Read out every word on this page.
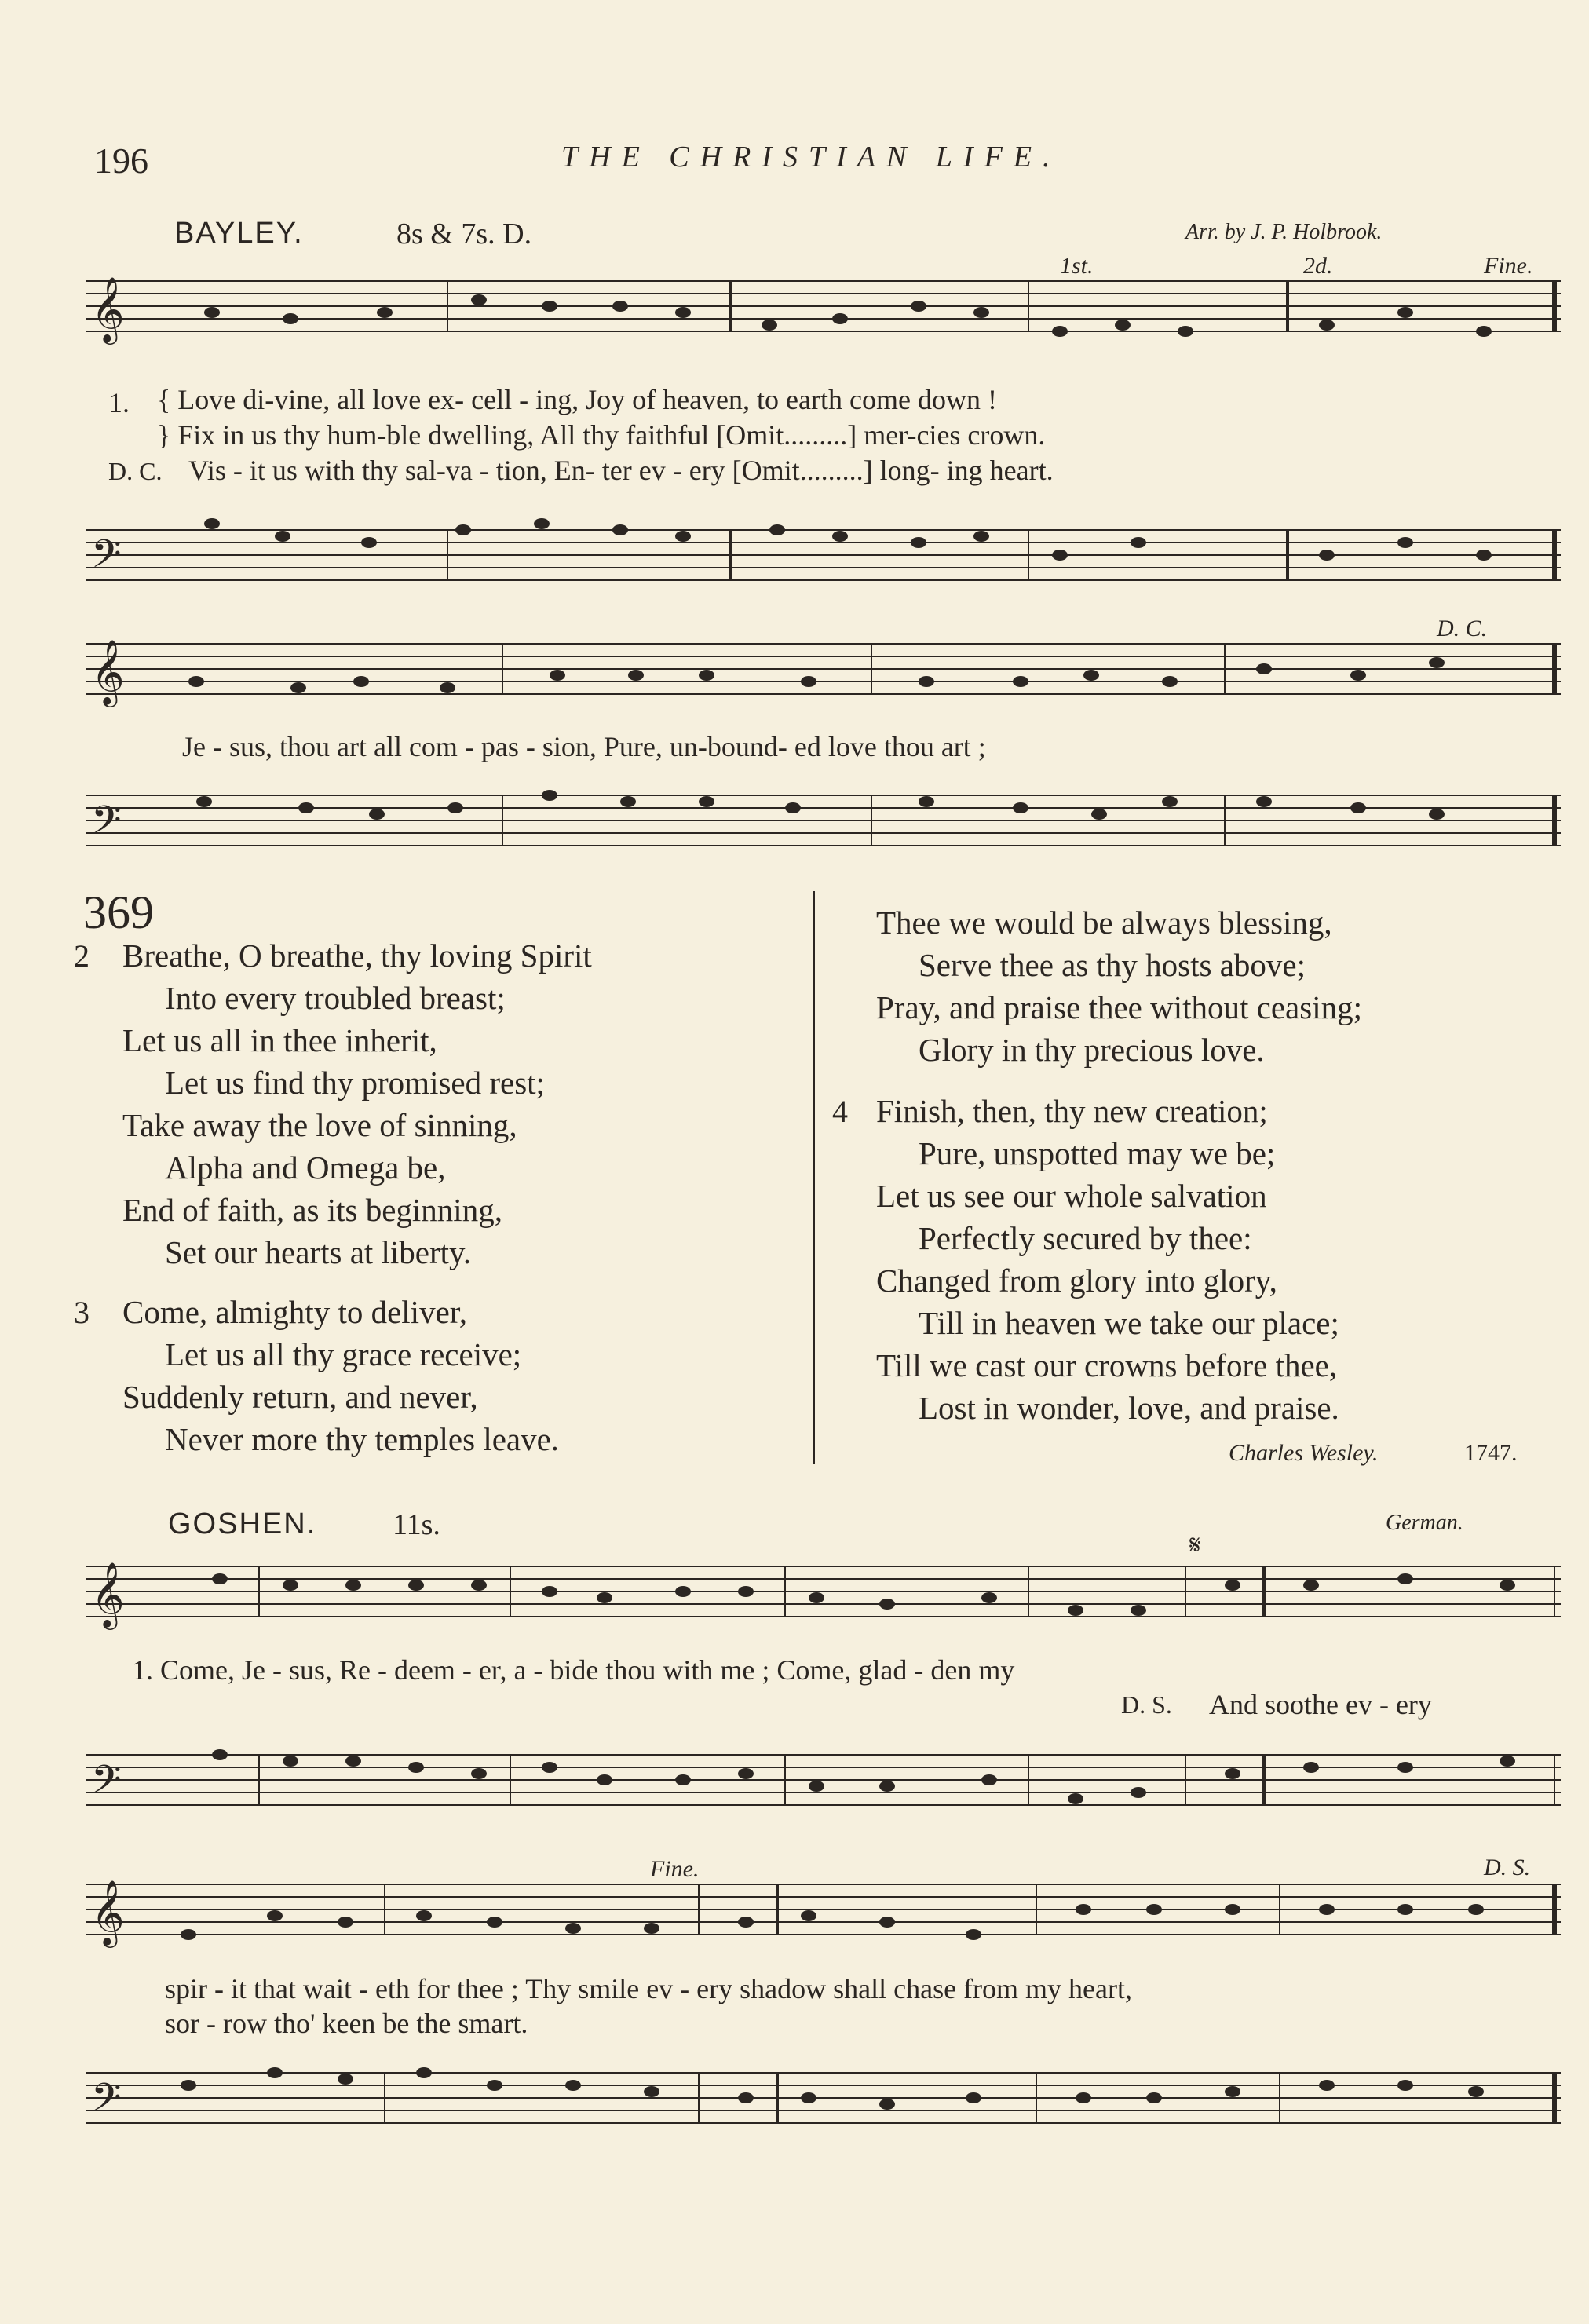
196	THE CHRISTIAN LIFE.
BAYLEY.	8s & 7s. D.	Arr. by J. P. Holbrook.
𝄞
1st.	2d.	Fine.
1. { Love di-vine, all love ex- cell - ing, Joy of heaven, to earth come down !
} Fix in us thy hum-ble dwelling, All thy faithful [Omit.........] mer-cies crown.
D. C. Vis - it us with thy sal-va - tion, En- ter ev - ery [Omit.........] long- ing heart.
𝄢
𝄞
D. C.
Je - sus, thou art all com - pas - sion, Pure, un-bound- ed love thou art ;
𝄢
369
2	Breathe, O breathe, thy loving Spirit
Into every troubled breast;
Let us all in thee inherit,
Let us find thy promised rest;
Take away the love of sinning,
Alpha and Omega be,
End of faith, as its beginning,
Set our hearts at liberty.
3	Come, almighty to deliver,
Let us all thy grace receive;
Suddenly return, and never,
Never more thy temples leave.
Thee we would be always blessing,
Serve thee as thy hosts above;
Pray, and praise thee without ceasing;
Glory in thy precious love.
4 Finish, then, thy new creation;
Pure, unspotted may we be;
Let us see our whole salvation
Perfectly secured by thee:
Changed from glory into glory,
Till in heaven we take our place;
Till we cast our crowns before thee,
Lost in wonder, love, and praise.
Charles Wesley.	1747.
GOSHEN.	11s.	German.
𝄋
𝄞
1. Come, Je - sus, Re - deem - er, a - bide thou with me ; Come, glad - den my
D. S. And soothe ev - ery
𝄢
𝄞
Fine.	D. S.
spir - it that wait - eth for thee ; Thy smile ev - ery shadow shall chase from my heart,
sor - row tho' keen be the smart.
𝄢
